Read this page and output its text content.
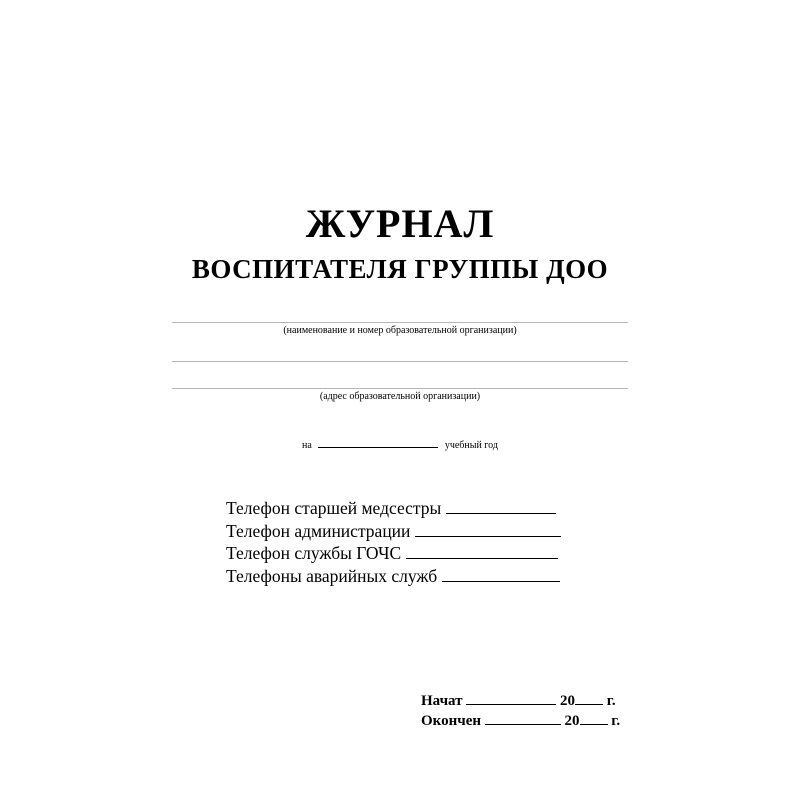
ЖУРНАЛ
ВОСПИТАТЕЛЯ ГРУППЫ ДОО
(наименование и номер образовательной организации)
(адрес образовательной организации)
на	учебный год
Телефон старшей медсестры
Телефон администрации
Телефон службы ГОЧС
Телефоны аварийных служб
Начат	20 г.
Окончен	20 г.
